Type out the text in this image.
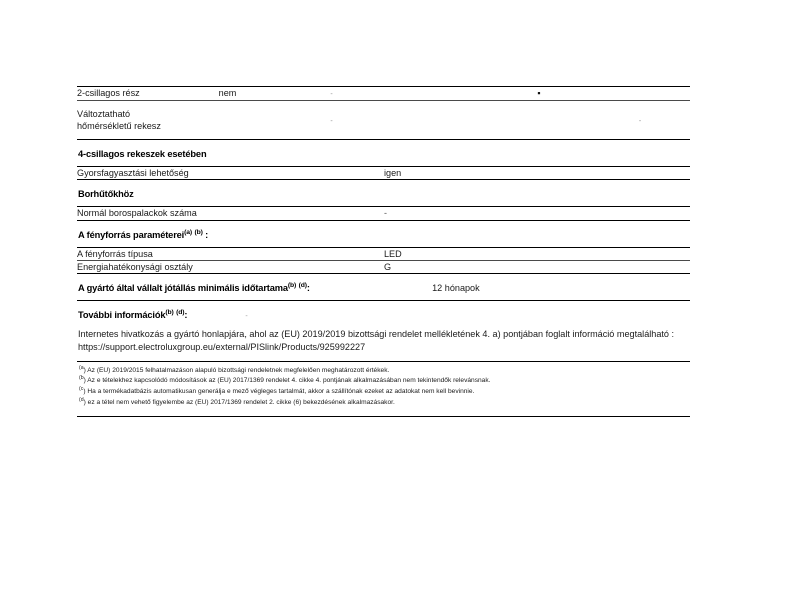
2-csillagos rész	nem	-		▪	
Változtatható hőmérsékletű rekesz		-			-
4-csillagos rekeszek esetében
Gyorsfagyasztási lehetőség	igen
Borhűtőkhöz
Normál borospalackok száma	-
A fényforrás paraméterei$^{(a)}$ $^{(b)}$ :
A fényforrás típusa	LED
Energiahatékonysági osztály	G
A gyártó által vállalt jótállás minimális időtartama$^{(b)}$ $^{(d)}$:	12 hónapok
További információk$^{(b)}$ $^{(d)}$:	-
Internetes hivatkozás a gyártó honlapjára, ahol az (EU) 2019/2019 bizottsági rendelet mellékletének 4. a) pontjában foglalt információ megtalálható : https://support.electroluxgroup.eu/external/PISlink/Products/925992227
$^{(a}$) Az (EU) 2019/2015 felhatalmazáson alapuló bizottsági rendeletnek megfelelően meghatározott értékek.
$^{(b}$) Az e tételekhez kapcsolódó módosítások az (EU) 2017/1369 rendelet 4. cikke 4. pontjának alkalmazásában nem tekintendők relevánsnak.
$^{(c}$) Ha a termékadatbázis automatikusan generálja e mező végleges tartalmát, akkor a szállítónak ezeket az adatokat nem kell bevinnie.
$^{(d}$) ez a tétel nem vehető figyelembe az (EU) 2017/1369 rendelet 2. cikke (6) bekezdésének alkalmazásakor.
